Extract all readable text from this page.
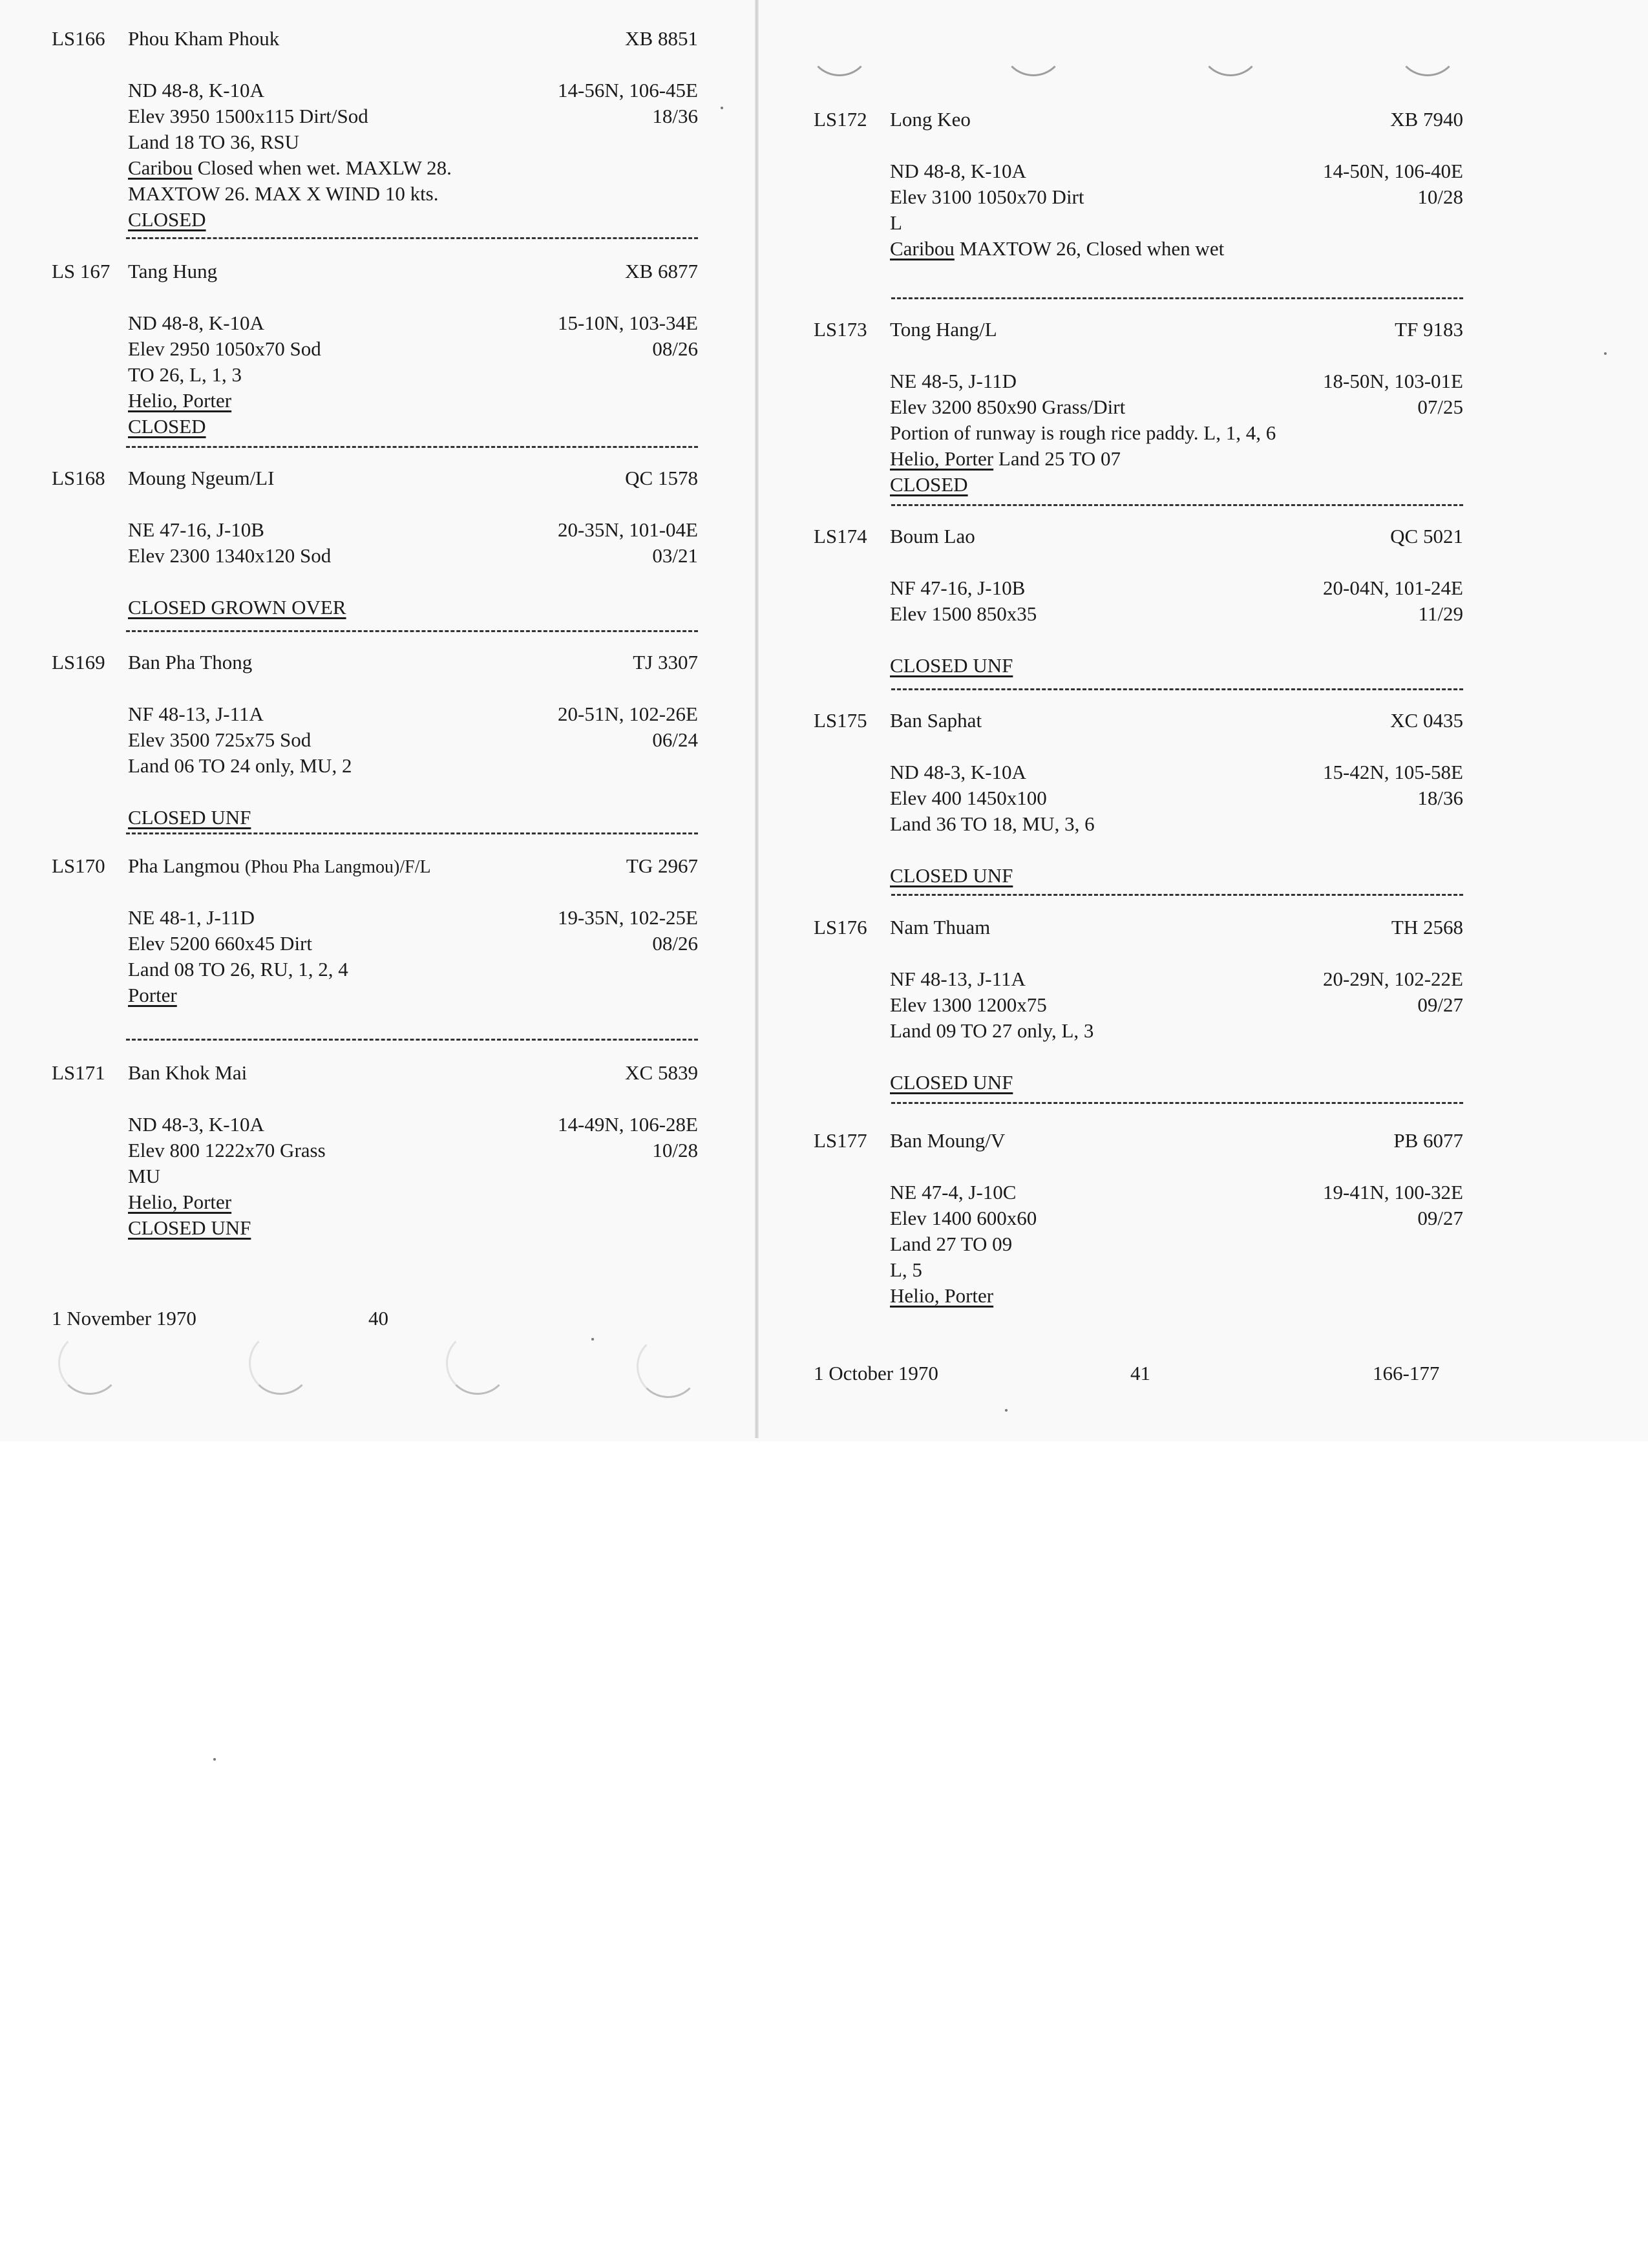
LS166 Phou Kham Phouk	XB 8851
ND 48-8, K-10A	14-56N, 106-45E
Elev 3950 1500x115 Dirt/Sod	18/36
Land 18 TO 36, RSU
Caribou Closed when wet. MAXLW 28.
MAXTOW 26. MAX X WIND 10 kts.
CLOSED
LS 167 Tang Hung	XB 6877
ND 48-8, K-10A	15-10N, 103-34E
Elev 2950 1050x70 Sod	08/26
TO 26, L, 1, 3
Helio, Porter
CLOSED
LS168 Moung Ngeum/LI	QC 1578
NE 47-16, J-10B	20-35N, 101-04E
Elev 2300 1340x120 Sod	03/21
CLOSED GROWN OVER
LS169 Ban Pha Thong	TJ 3307
NF 48-13, J-11A	20-51N, 102-26E
Elev 3500 725x75 Sod	06/24
Land 06 TO 24 only, MU, 2
CLOSED UNF
LS170 Pha Langmou (Phou Pha Langmou)/F/L	TG 2967
NE 48-1, J-11D	19-35N, 102-25E
Elev 5200 660x45 Dirt	08/26
Land 08 TO 26, RU, 1, 2, 4
Porter
LS171 Ban Khok Mai	XC 5839
ND 48-3, K-10A	14-49N, 106-28E
Elev 800 1222x70 Grass	10/28
MU
Helio, Porter
CLOSED UNF
1 November 1970	40
LS172 Long Keo	XB 7940
ND 48-8, K-10A	14-50N, 106-40E
Elev 3100 1050x70 Dirt	10/28
L
Caribou MAXTOW 26, Closed when wet
LS173 Tong Hang/L	TF 9183
NE 48-5, J-11D	18-50N, 103-01E
Elev 3200 850x90 Grass/Dirt	07/25
Portion of runway is rough rice paddy. L, 1, 4, 6
Helio, Porter Land 25 TO 07
CLOSED
LS174 Boum Lao	QC 5021
NF 47-16, J-10B	20-04N, 101-24E
Elev 1500 850x35	11/29
CLOSED UNF
LS175 Ban Saphat	XC 0435
ND 48-3, K-10A	15-42N, 105-58E
Elev 400 1450x100	18/36
Land 36 TO 18, MU, 3, 6
CLOSED UNF
LS176 Nam Thuam	TH 2568
NF 48-13, J-11A	20-29N, 102-22E
Elev 1300 1200x75	09/27
Land 09 TO 27 only, L, 3
CLOSED UNF
LS177 Ban Moung/V	PB 6077
NE 47-4, J-10C	19-41N, 100-32E
Elev 1400 600x60	09/27
Land 27 TO 09
L, 5
Helio, Porter
1 October 1970	41	166-177
